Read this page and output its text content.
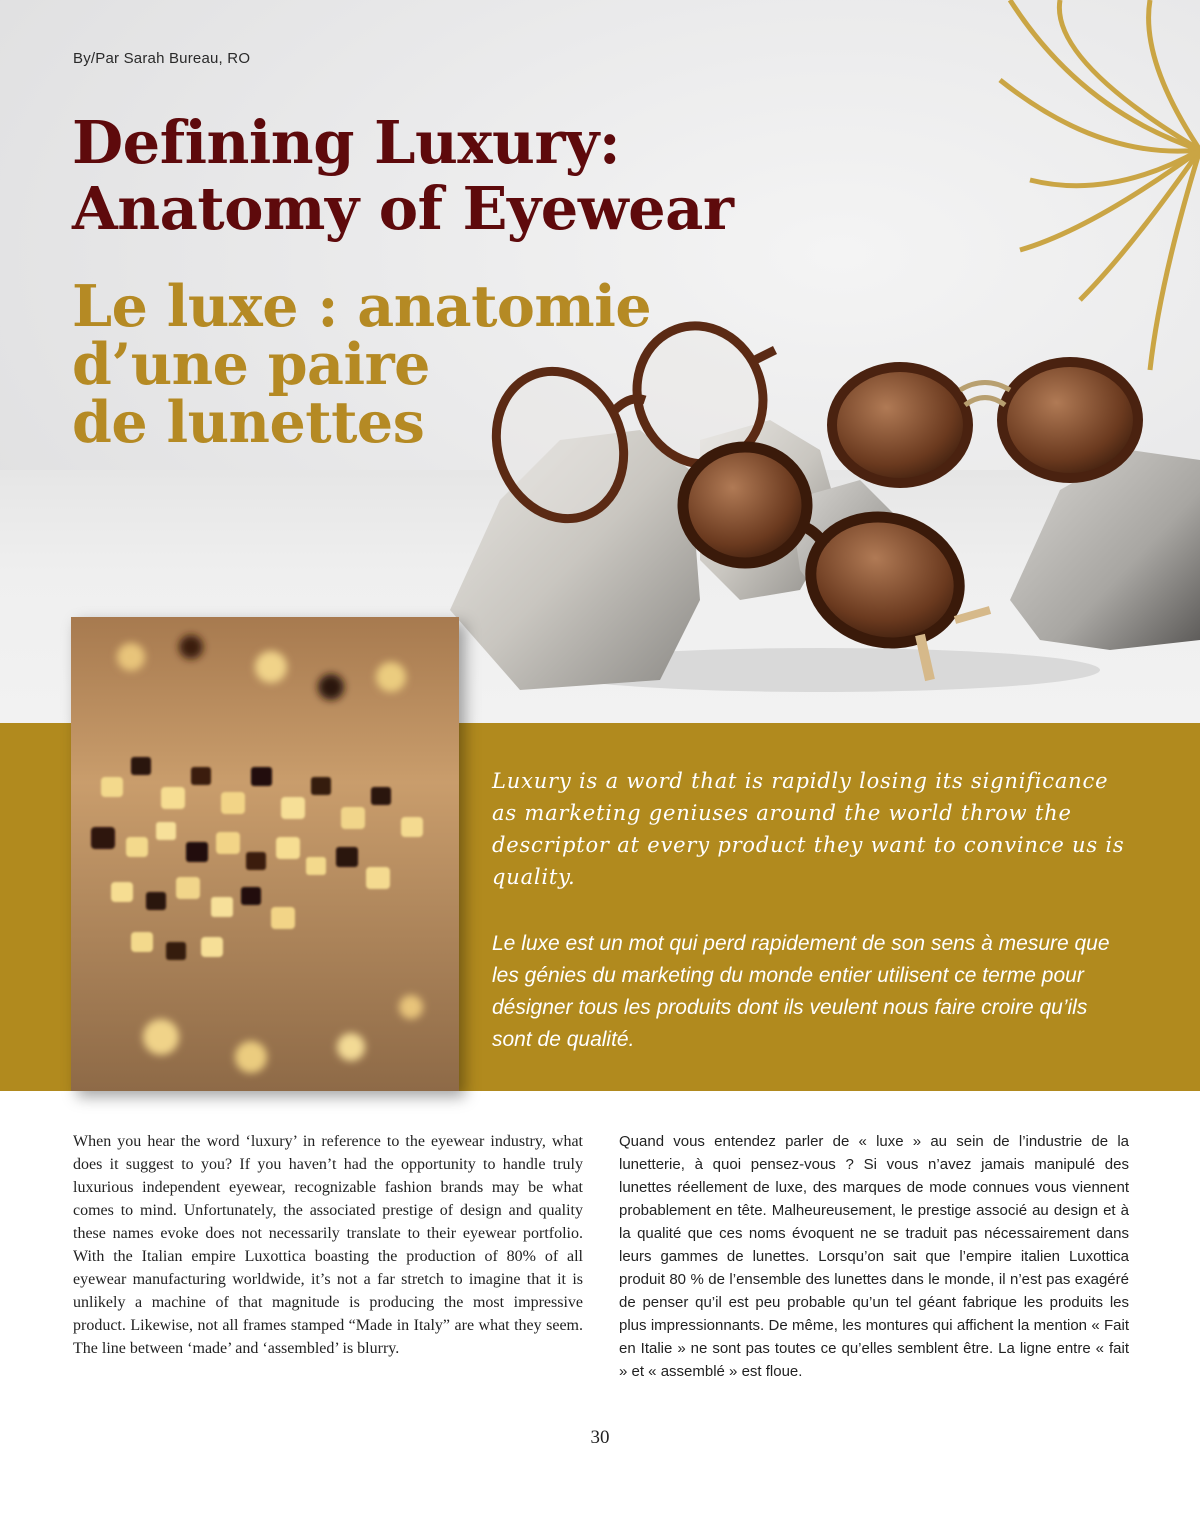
By/Par Sarah Bureau, RO
Defining Luxury:
Anatomy of Eyewear
Le luxe : anatomie
d’une paire
de lunettes

Luxury is a word that is rapidly losing its significance as marketing geniuses around the world throw the descriptor at every product they want to convince us is quality.

Le luxe est un mot qui perd rapidement de son sens à mesure que les génies du marketing du monde entier utilisent ce terme pour désigner tous les produits dont ils veulent nous faire croire qu’ils sont de qualité.

When you hear the word ‘luxury’ in reference to the eyewear industry, what does it suggest to you? If you haven’t had the opportunity to handle truly luxurious independent eyewear, recognizable fashion brands may be what comes to mind. Unfortunately, the associated prestige of design and quality these names evoke does not necessarily translate to their eyewear portfolio. With the Italian empire Luxottica boasting the production of 80% of all eyewear manufacturing worldwide, it’s not a far stretch to imagine that it is unlikely a machine of that magnitude is producing the most impressive product. Likewise, not all frames stamped “Made in Italy” are what they seem. The line between ‘made’ and ‘assembled’ is blurry.

Quand vous entendez parler de « luxe » au sein de l’industrie de la lunetterie, à quoi pensez-vous ? Si vous n’avez jamais manipulé des lunettes réellement de luxe, des marques de mode connues vous viennent probablement en tête. Malheureusement, le prestige associé au design et à la qualité que ces noms évoquent ne se traduit pas nécessairement dans leurs gammes de lunettes. Lorsqu’on sait que l’empire italien Luxottica produit 80 % de l’ensemble des lunettes dans le monde, il n’est pas exagéré de penser qu’il est peu probable qu’un tel géant fabrique les produits les plus impressionnants. De même, les montures qui affichent la mention « Fait en Italie » ne sont pas toutes ce qu’elles semblent être. La ligne entre « fait » et « assemblé » est floue.

30
